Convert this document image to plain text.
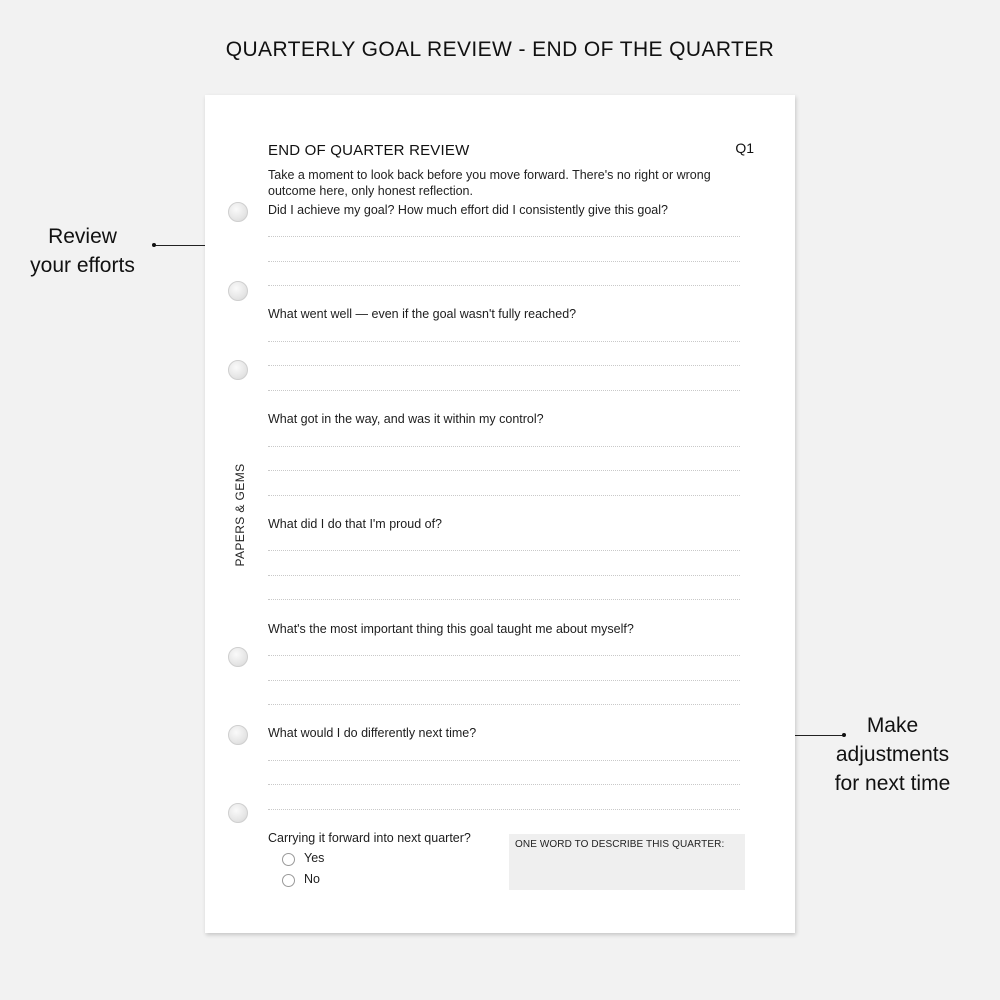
QUARTERLY GOAL REVIEW - END OF THE QUARTER
Review
your efforts
Make
adjustments
for next time
PAPERS & GEMS
END OF QUARTER REVIEW	Q1
Take a moment to look back before you move forward. There's no right or wrong outcome here, only honest reflection.
Did I achieve my goal? How much effort did I consistently give this goal?
What went well — even if the goal wasn't fully reached?
What got in the way, and was it within my control?
What did I do that I'm proud of?
What's the most important thing this goal taught me about myself?
What would I do differently next time?
Carrying it forward into next quarter?
Yes
No
ONE WORD TO DESCRIBE THIS QUARTER:
